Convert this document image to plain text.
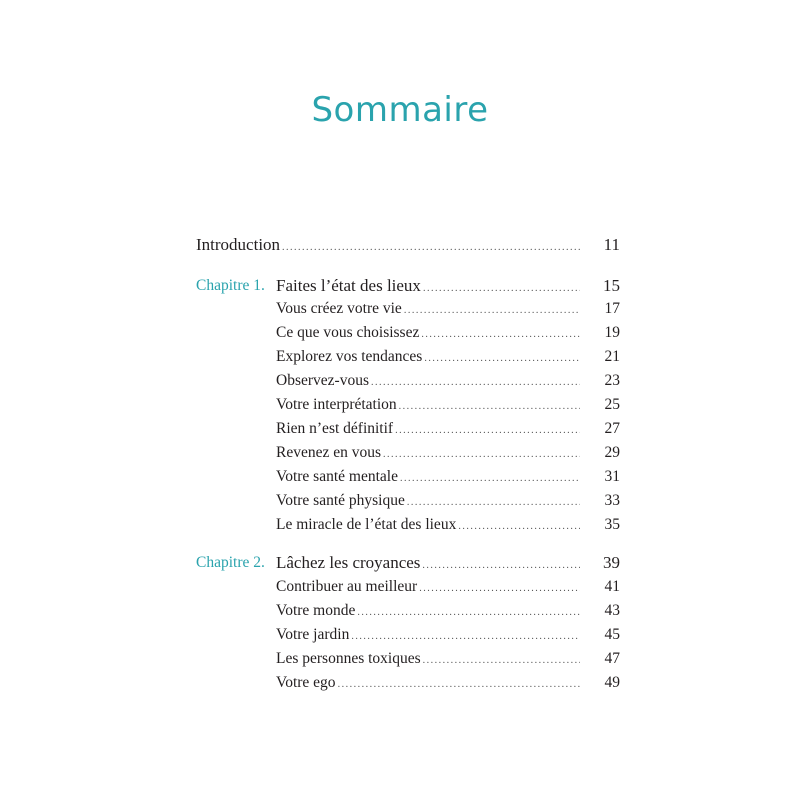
Sommaire
Introduction . . .	11
Chapitre 1. Faites l’état des lieux . . .	15
Vous créez votre vie . . .	17
Ce que vous choisissez . . .	19
Explorez vos tendances . . .	21
Observez-vous . . .	23
Votre interprétation . . .	25
Rien n’est définitif . . .	27
Revenez en vous . . .	29
Votre santé mentale . . .	31
Votre santé physique . . .	33
Le miracle de l’état des lieux . . .	35
Chapitre 2. Lâchez les croyances . . .	39
Contribuer au meilleur . . .	41
Votre monde . . .	43
Votre jardin . . .	45
Les personnes toxiques . . .	47
Votre ego . . .	49
